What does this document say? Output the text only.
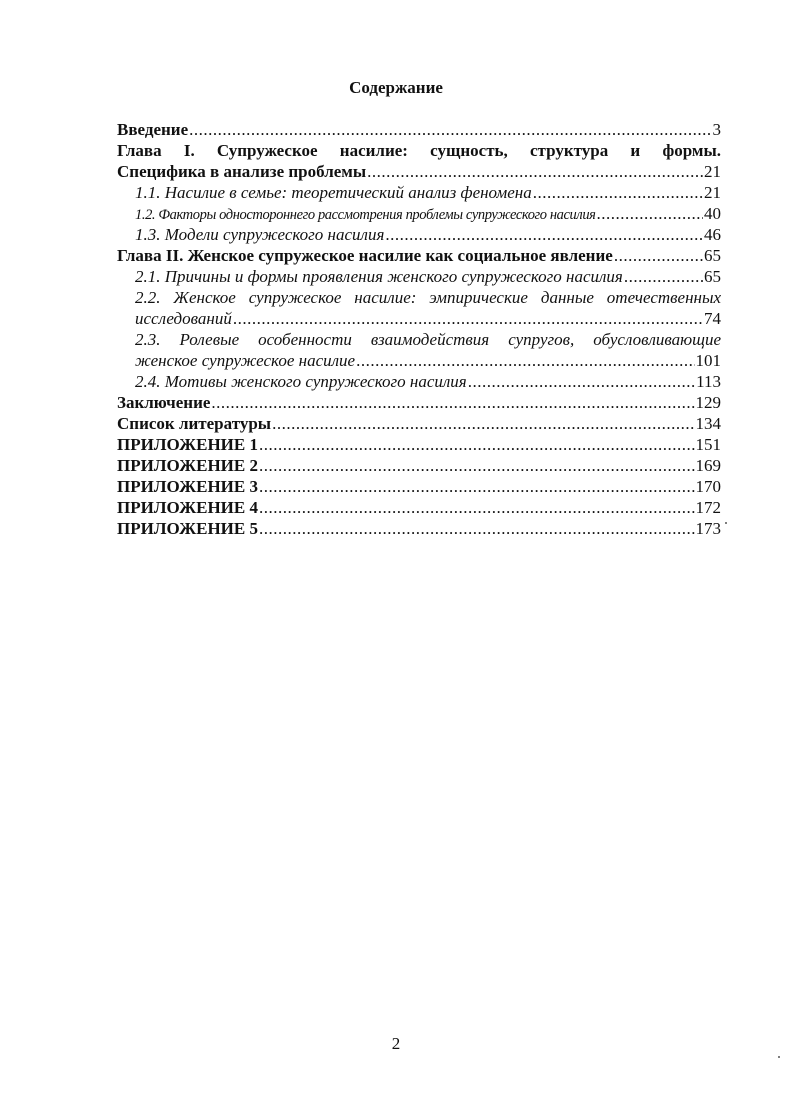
Содержание
Введение .....	3
Глава I. Супружеское насилие: сущность, структура и формы.
Специфика в анализе проблемы .....	21
1.1. Насилие в семье: теоретический анализ феномена .....	21
1.2. Факторы одностороннего рассмотрения проблемы супружеского насилия .....	40
1.3. Модели супружеского насилия .....	46
Глава II. Женское супружеское насилие как социальное явление .....	65
2.1. Причины и формы проявления женского супружеского насилия .....	65
2.2. Женское супружеское насилие: эмпирические данные отечественных
исследований .....	74
2.3. Ролевые особенности взаимодействия супругов, обусловливающие
женское супружеское насилие .....	101
2.4. Мотивы женского супружеского насилия .....	113
Заключение .....	129
Список литературы .....	134
ПРИЛОЖЕНИЕ 1 .....	151
ПРИЛОЖЕНИЕ 2 .....	169
ПРИЛОЖЕНИЕ 3 .....	170
ПРИЛОЖЕНИЕ 4 .....	172
ПРИЛОЖЕНИЕ 5 .....	173
2
